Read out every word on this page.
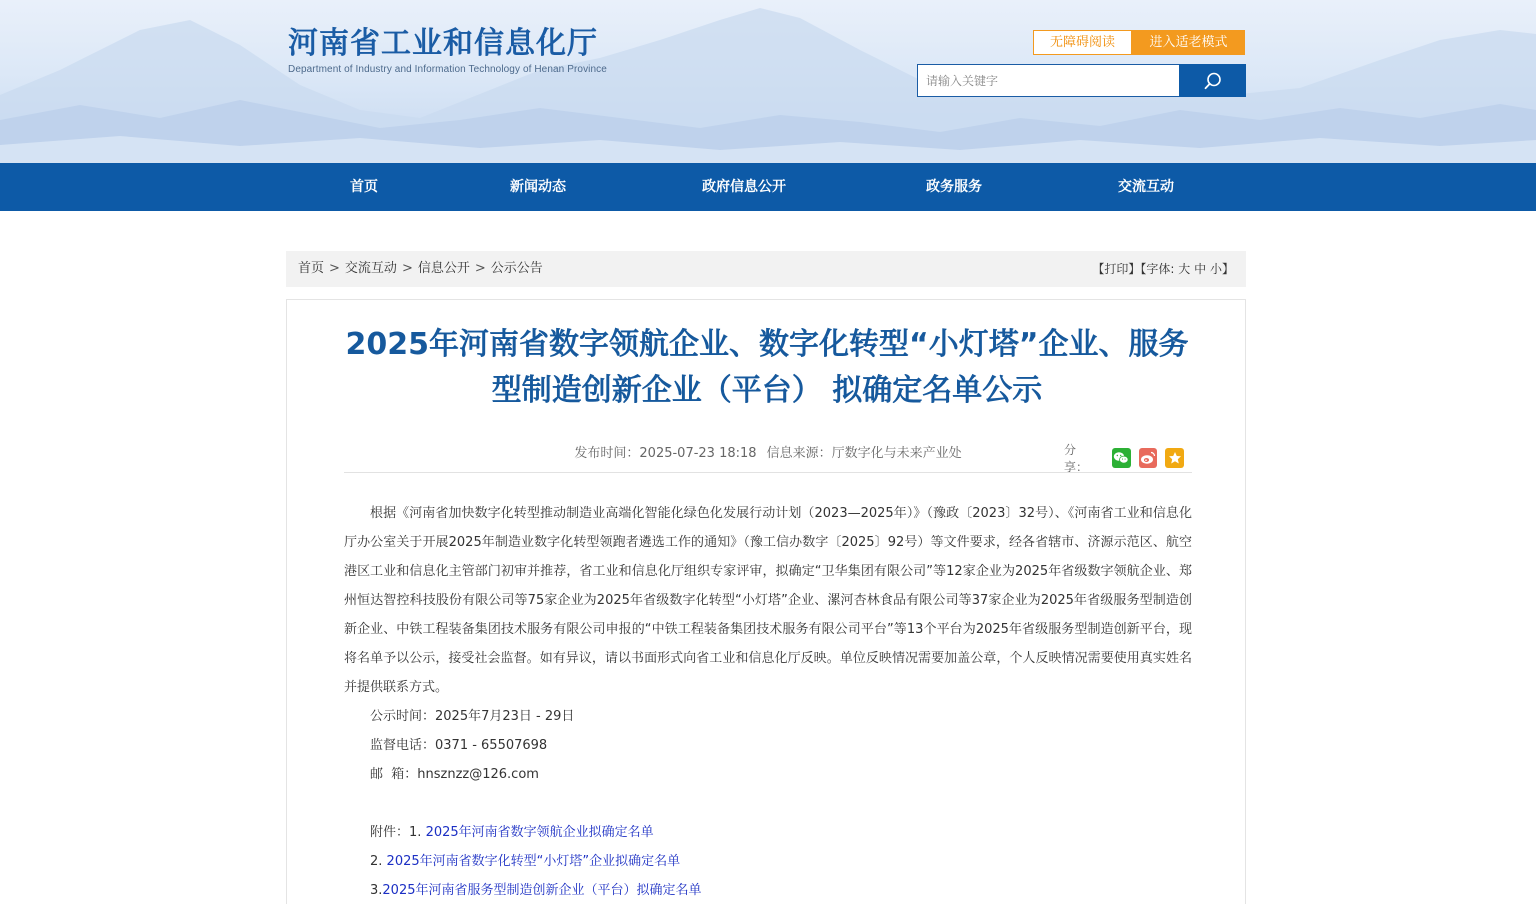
河南省工业和信息化厅
Department of Industry and Information Technology of Henan Province
无障碍阅读	进入适老模式
请输入关键字
首页	新闻动态	政府信息公开	政务服务	交流互动
首页 > 交流互动 > 信息公开 > 公示公告	【打印】【字体: 大 中 小】
2025年河南省数字领航企业、数字化转型“小灯塔”企业、服务型制造创新企业（平台） 拟确定名单公示
发布时间：2025-07-23 18:18 信息来源：厅数字化与未来产业处	分享：

根据《河南省加快数字化转型推动制造业高端化智能化绿色化发展行动计划（2023—2025年）》（豫政〔2023〕32号）、《河南省工业和信息化厅办公室关于开展2025年制造业数字化转型领跑者遴选工作的通知》（豫工信办数字〔2025〕92号）等文件要求，经各省辖市、济源示范区、航空港区工业和信息化主管部门初审并推荐，省工业和信息化厅组织专家评审，拟确定“卫华集团有限公司”等12家企业为2025年省级数字领航企业、郑州恒达智控科技股份有限公司等75家企业为2025年省级数字化转型“小灯塔”企业、漯河杏林食品有限公司等37家企业为2025年省级服务型制造创新企业、中铁工程装备集团技术服务有限公司申报的“中铁工程装备集团技术服务有限公司平台”等13个平台为2025年省级服务型制造创新平台，现将名单予以公示，接受社会监督。如有异议，请以书面形式向省工业和信息化厅反映。单位反映情况需要加盖公章，个人反映情况需要使用真实姓名并提供联系方式。

公示时间：2025年7月23日 - 29日

监督电话：0371 - 65507698

邮  箱：hnsznzz@126.com

附件：1. 2025年河南省数字领航企业拟确定名单

2. 2025年河南省数字化转型“小灯塔”企业拟确定名单

3.2025年河南省服务型制造创新企业（平台）拟确定名单
